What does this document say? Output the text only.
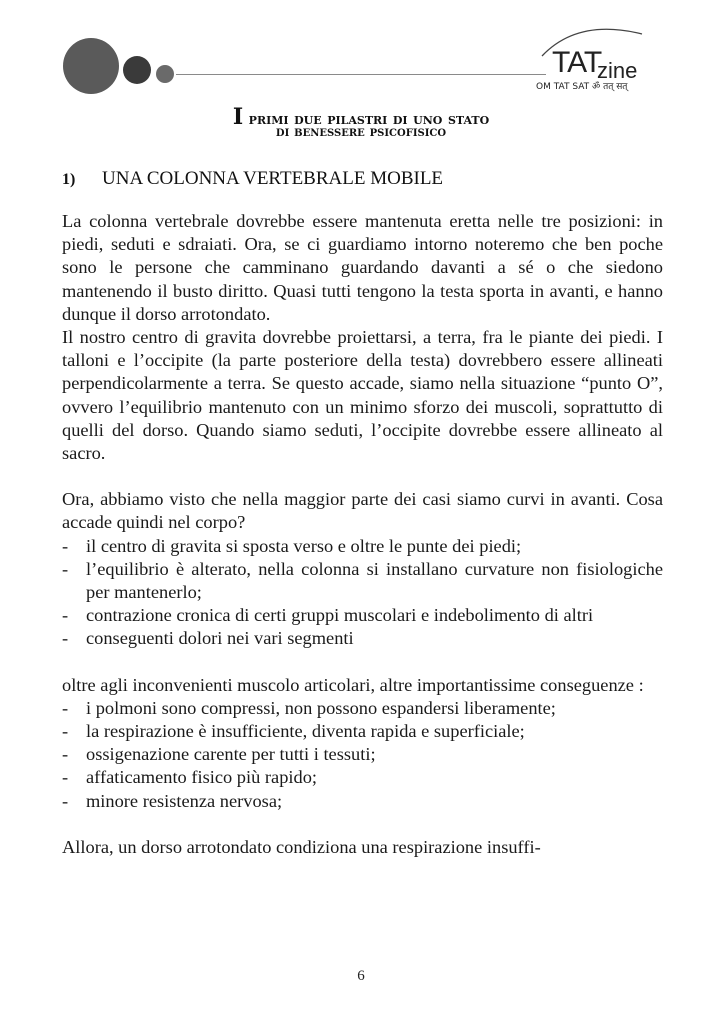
TAT
zine
OM TAT SAT ॐ तत् सत्
I primi due pilastri di uno stato
di benessere psicofisico
1) UNA COLONNA VERTEBRALE MOBILE

La colonna vertebrale dovrebbe essere mantenuta eretta nelle tre posizioni: in piedi, seduti e sdraiati. Ora, se ci guardiamo intorno noteremo che ben poche sono le persone che camminano guardando davanti a sé o che siedono mantenendo il busto diritto. Quasi tutti tengono la testa sporta in avanti, e hanno dunque il dorso arrotondato.

Il nostro centro di gravita dovrebbe proiettarsi, a terra, fra le piante dei piedi. I talloni e l’occipite (la parte posteriore della testa) dovrebbero essere allineati perpendicolarmente a terra. Se questo accade, siamo nella situazione “punto O”, ovvero l’equilibrio mantenuto con un minimo sforzo dei muscoli, soprattutto di quelli del dorso. Quando siamo seduti, l’occipite dovrebbe essere allineato al sacro.

Ora, abbiamo visto che nella maggior parte dei casi siamo curvi in avanti. Cosa accade quindi nel corpo?

- il centro di gravita si sposta verso e oltre le punte dei piedi;
- l’equilibrio è alterato, nella colonna si installano curvature non fisiologiche per mantenerlo;
- contrazione cronica di certi gruppi muscolari e indebolimento di altri
- conseguenti dolori nei vari segmenti

oltre agli inconvenienti muscolo articolari, altre importantissime conseguenze :

- i polmoni sono compressi, non possono espandersi liberamente;
- la respirazione è insufficiente, diventa rapida e superficiale;
- ossigenazione carente per tutti i tessuti;
- affaticamento fisico più rapido;
- minore resistenza nervosa;

Allora, un dorso arrotondato condiziona una respirazione insuffi-

6
